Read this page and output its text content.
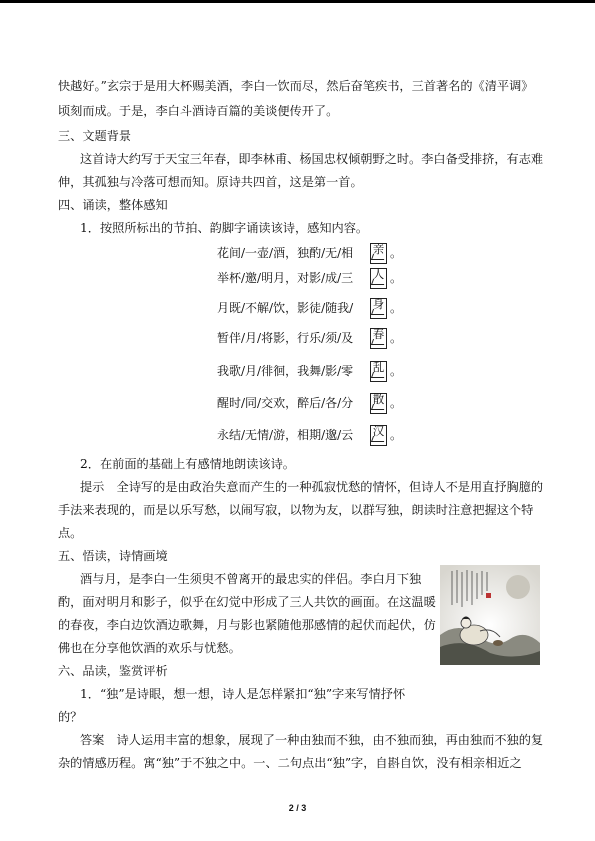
快越好。”玄宗于是用大杯赐美酒，李白一饮而尽，然后奋笔疾书，三首著名的《清平调》
顷刻而成。于是，李白斗酒诗百篇的美谈便传开了。
三、文题背景
这首诗大约写于天宝三年春，即李林甫、杨国忠权倾朝野之时。李白备受排挤，有志难
伸，其孤独与冷落可想而知。原诗共四首，这是第一首。
四、诵读，整体感知
1．按照所标出的节拍、韵脚字诵读该诗，感知内容。
花间/一壶/酒，独酌/无/相 亲 。
举杯/邀/明月，对影/成/三 人 。
月既/不解/饮，影徒/随我/ 身 。
暂伴/月/将影，行乐/须/及 春 。
我歌/月/徘徊，我舞/影/零 乱 。
醒时/同/交欢，醉后/各/分 散 。
永结/无情/游，相期/邈/云 汉 。
2．在前面的基础上有感情地朗读该诗。
提示　全诗写的是由政治失意而产生的一种孤寂忧愁的情怀，但诗人不是用直抒胸臆的
手法来表现的，而是以乐写愁，以闹写寂，以物为友，以群写独，朗读时注意把握这个特
点。
五、悟读，诗情画境
酒与月，是李白一生须臾不曾离开的最忠实的伴侣。李白月下独
酌，面对明月和影子，似乎在幻觉中形成了三人共饮的画面。在这温暖
的春夜，李白边饮酒边歌舞，月与影也紧随他那感情的起伏而起伏，仿
佛也在分享他饮酒的欢乐与忧愁。
六、品读，鉴赏评析
1．“独”是诗眼，想一想，诗人是怎样紧扣“独”字来写情抒怀
的？
答案　诗人运用丰富的想象，展现了一种由独而不独，由不独而独，再由独而不独的复
杂的情感历程。寓“独”于不独之中。一、二句点出“独”字，自斟自饮，没有相亲相近之
2 / 3
